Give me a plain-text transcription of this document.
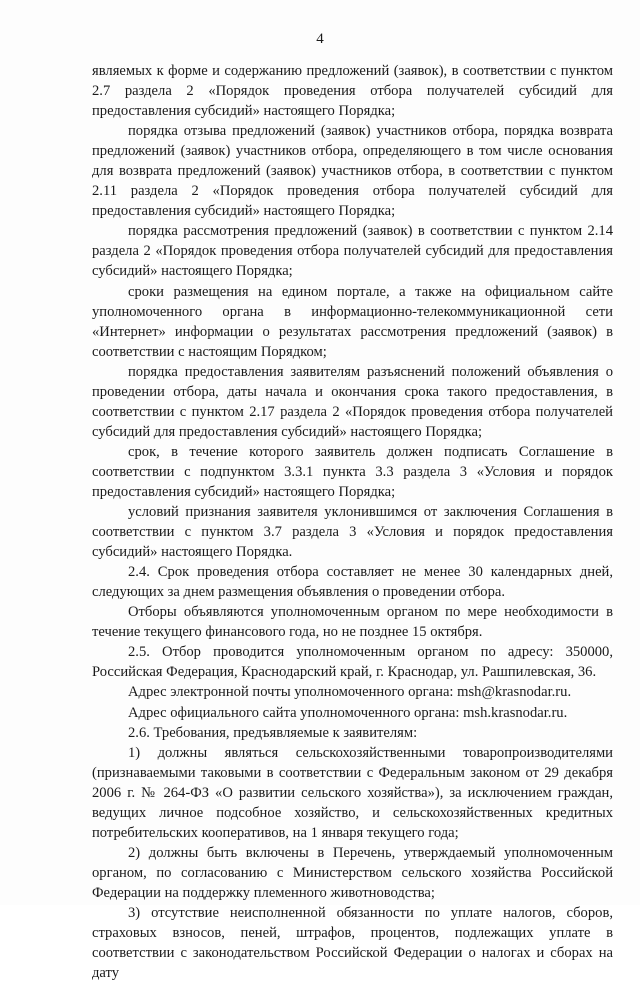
4

являемых к форме и содержанию предложений (заявок), в соответствии с пунктом 2.7 раздела 2 «Порядок проведения отбора получателей субсидий для предоставления субсидий» настоящего Порядка;

порядка отзыва предложений (заявок) участников отбора, порядка возврата предложений (заявок) участников отбора, определяющего в том числе основания для возврата предложений (заявок) участников отбора, в соответствии с пунктом 2.11 раздела 2 «Порядок проведения отбора получателей субсидий для предоставления субсидий» настоящего Порядка;

порядка рассмотрения предложений (заявок) в соответствии с пунктом 2.14 раздела 2 «Порядок проведения отбора получателей субсидий для предоставления субсидий» настоящего Порядка;

сроки размещения на едином портале, а также на официальном сайте уполномоченного органа в информационно-телекоммуникационной сети «Интернет» информации о результатах рассмотрения предложений (заявок) в соответствии с настоящим Порядком;

порядка предоставления заявителям разъяснений положений объявления о проведении отбора, даты начала и окончания срока такого предоставления, в соответствии с пунктом 2.17 раздела 2 «Порядок проведения отбора получателей субсидий для предоставления субсидий» настоящего Порядка;

срок, в течение которого заявитель должен подписать Соглашение в соответствии с подпунктом 3.3.1 пункта 3.3 раздела 3 «Условия и порядок предоставления субсидий» настоящего Порядка;

условий признания заявителя уклонившимся от заключения Соглашения в соответствии с пунктом 3.7 раздела 3 «Условия и порядок предоставления субсидий» настоящего Порядка.

2.4. Срок проведения отбора составляет не менее 30 календарных дней, следующих за днем размещения объявления о проведении отбора.

Отборы объявляются уполномоченным органом по мере необходимости в течение текущего финансового года, но не позднее 15 октября.

2.5. Отбор проводится уполномоченным органом по адресу: 350000, Российская Федерация, Краснодарский край, г. Краснодар, ул. Рашпилевская, 36.

Адрес электронной почты уполномоченного органа: msh@krasnodar.ru.

Адрес официального сайта уполномоченного органа: msh.krasnodar.ru.

2.6. Требования, предъявляемые к заявителям:

1) должны являться сельскохозяйственными товаропроизводителями (признаваемыми таковыми в соответствии с Федеральным законом от 29 декабря 2006 г. № 264-ФЗ «О развитии сельского хозяйства»), за исключением граждан, ведущих личное подсобное хозяйство, и сельскохозяйственных кредитных потребительских кооперативов, на 1 января текущего года;

2) должны быть включены в Перечень, утверждаемый уполномоченным органом, по согласованию с Министерством сельского хозяйства Российской Федерации на поддержку племенного животноводства;

3) отсутствие неисполненной обязанности по уплате налогов, сборов, страховых взносов, пеней, штрафов, процентов, подлежащих уплате в соответствии с законодательством Российской Федерации о налогах и сборах на дату
